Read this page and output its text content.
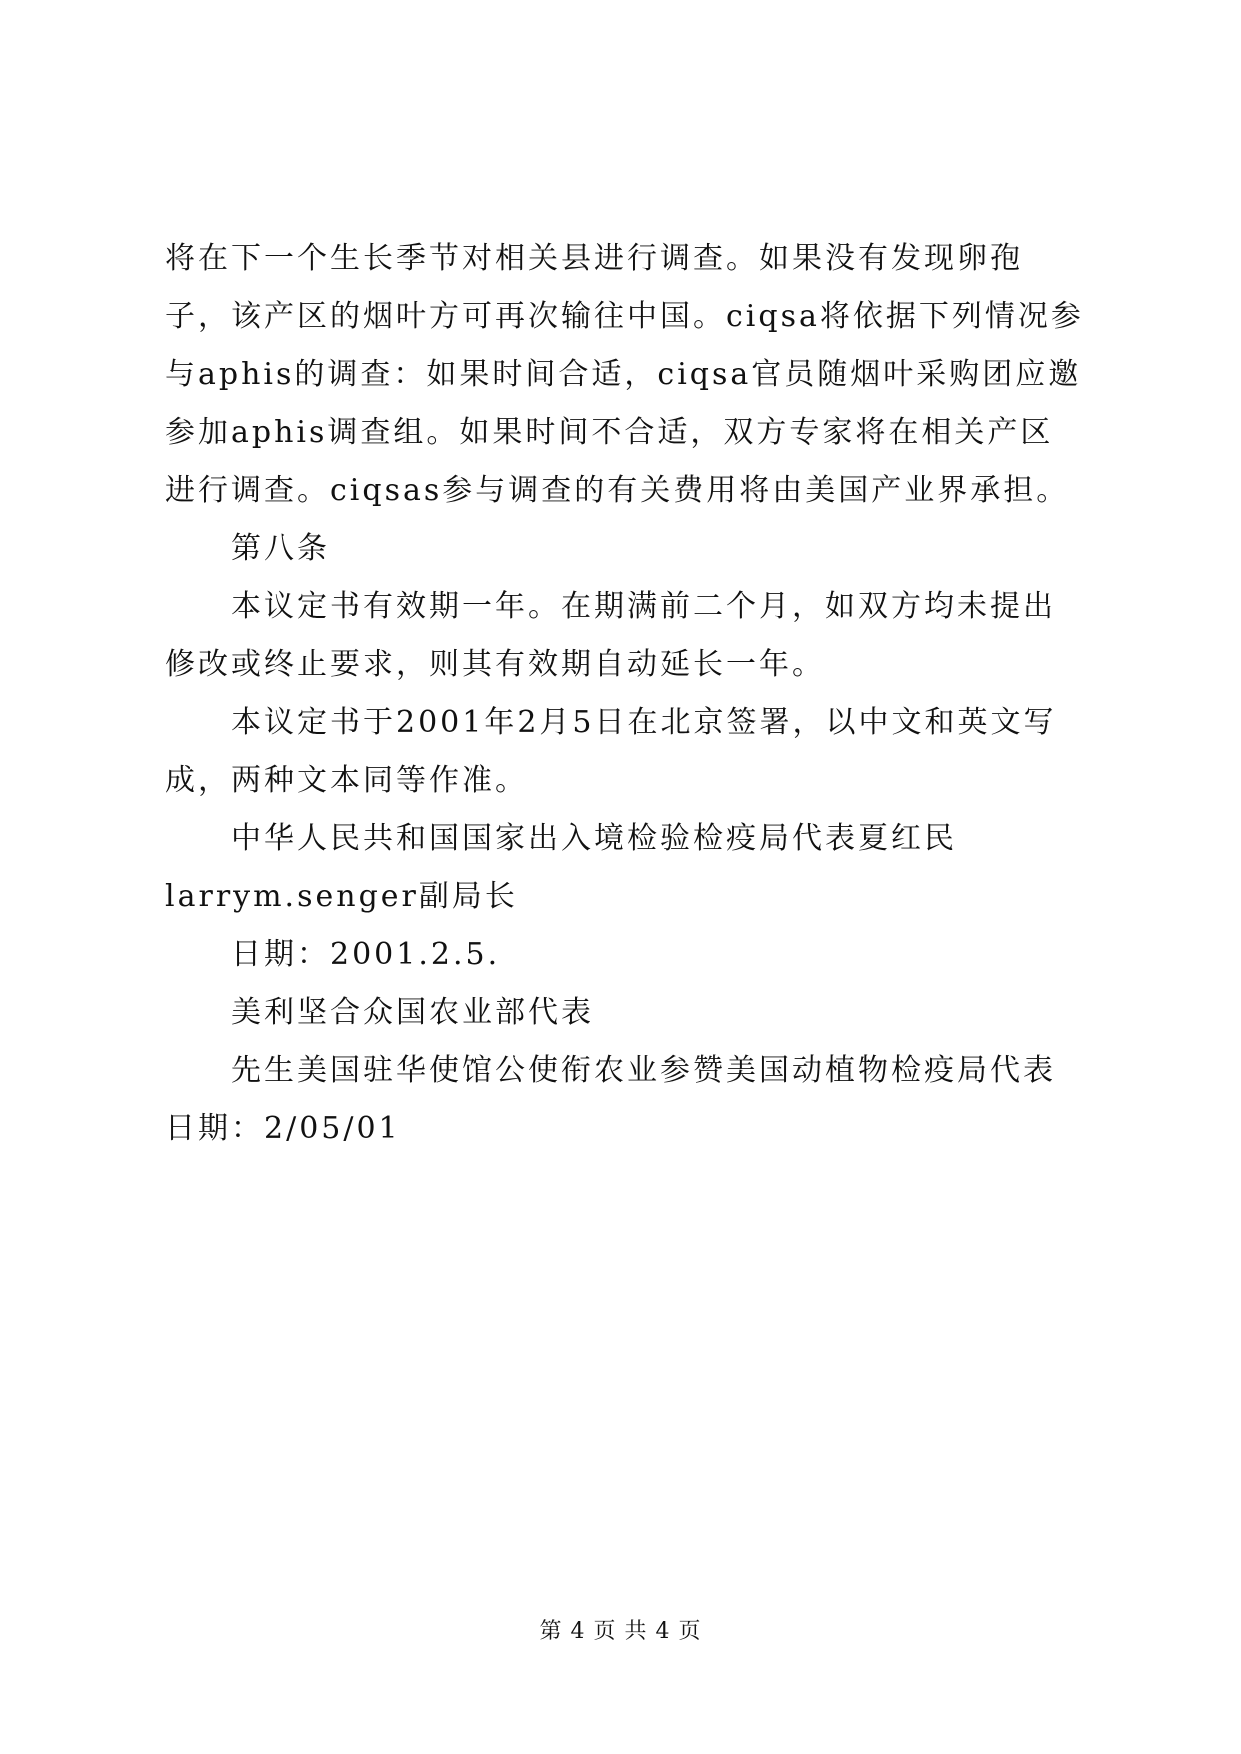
将在下一个生长季节对相关县进行调查。如果没有发现卵孢子，该产区的烟叶方可再次输往中国。ciqsa将依据下列情况参与aphis的调查：如果时间合适，ciqsa官员随烟叶采购团应邀参加aphis调查组。如果时间不合适，双方专家将在相关产区进行调查。ciqsas参与调查的有关费用将由美国产业界承担。

第八条

本议定书有效期一年。在期满前二个月，如双方均未提出修改或终止要求，则其有效期自动延长一年。

本议定书于2001年2月5日在北京签署，以中文和英文写成，两种文本同等作准。

中华人民共和国国家出入境检验检疫局代表夏红民larrym.senger副局长

日期：2001.2.5.

美利坚合众国农业部代表

先生美国驻华使馆公使衔农业参赞美国动植物检疫局代表日期：2/05/01

第 4 页 共 4 页
